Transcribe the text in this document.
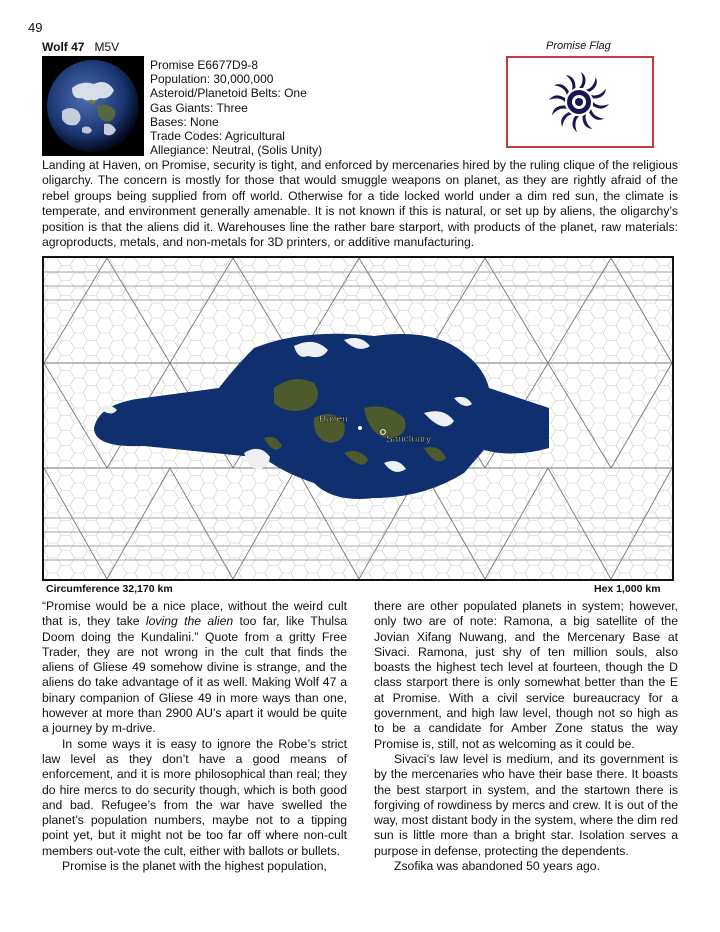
49
Wolf 47 M5V
Promise E6677D9-8
Population: 30,000,000
Asteroid/Planetoid Belts: One
Gas Giants: Three
Bases: None
Trade Codes: Agricultural
Allegiance: Neutral, (Solis Unity)
Promise Flag
Landing at Haven, on Promise, security is tight, and enforced by mercenaries hired by the ruling clique of the religious oligarchy. The concern is mostly for those that would smuggle weapons on planet, as they are rightly afraid of the rebel groups being supplied from off world. Otherwise for a tide locked world under a dim red sun, the climate is temperate, and environment generally amenable. It is not known if this is natural, or set up by aliens, the oligarchy’s position is that the aliens did it. Warehouses line the rather bare starport, with products of the planet, raw materials: agroproducts, metals, and non-metals for 3D printers, or additive manufacturing.
Haven
Sanctuary
Circumference 32,170 km	Hex 1,000 km

“Promise would be a nice place, without the weird cult that is, they take loving the alien too far, like Thulsa Doom doing the Kundalini.” Quote from a gritty Free Trader, they are not wrong in the cult that finds the aliens of Gliese 49 somehow divine is strange, and the aliens do take advantage of it as well. Making Wolf 47 a binary companion of Gliese 49 in more ways than one, however at more than 2900 AU’s apart it would be quite a journey by m-drive.

In some ways it is easy to ignore the Robe’s strict law level as they don’t have a good means of enforcement, and it is more philosophical than real; they do hire mercs to do security though, which is both good and bad. Refugee’s from the war have swelled the planet’s population numbers, maybe not to a tipping point yet, but it might not be too far off where non-cult members out-vote the cult, either with ballots or bullets.

Promise is the planet with the highest population,

there are other populated planets in system; however, only two are of note: Ramona, a big satellite of the Jovian Xifang Nuwang, and the Mercenary Base at Sivaci. Ramona, just shy of ten million souls, also boasts the highest tech level at fourteen, though the D class starport there is only somewhat better than the E at Promise. With a civil service bureaucracy for a government, and high law level, though not so high as to be a candidate for Amber Zone status the way Promise is, still, not as welcoming as it could be.

Sivaci’s law level is medium, and its government is by the mercenaries who have their base there. It boasts the best starport in system, and the startown there is forgiving of rowdiness by mercs and crew. It is out of the way, most distant body in the system, where the dim red sun is little more than a bright star. Isolation serves a purpose in defense, protecting the dependents.

Zsofika was abandoned 50 years ago.
